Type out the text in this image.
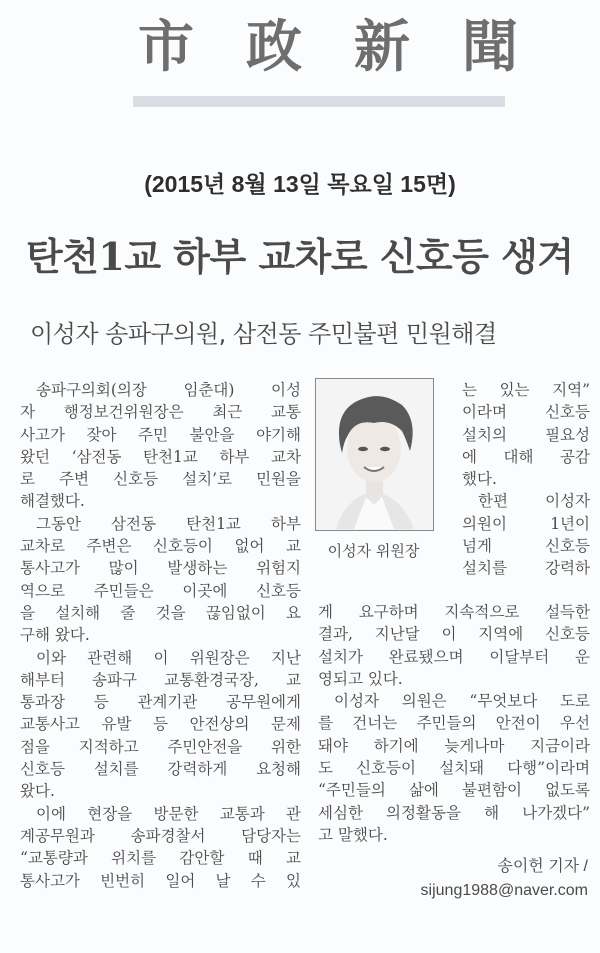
市 政 新 聞
(2015년 8월 13일 목요일 15면)
탄천1교 하부 교차로 신호등 생겨
이성자 송파구의원, 삼전동 주민불편 민원해결
송파구의회(의장 임춘대) 이성
자 행정보건위원장은 최근 교통
사고가 잦아 주민 불안을 야기해
왔던 ‘삼전동 탄천1교 하부 교차
로 주변 신호등 설치’로 민원을
해결했다.
그동안 삼전동 탄천1교 하부
교차로 주변은 신호등이 없어 교
통사고가 많이 발생하는 위험지
역으로 주민들은 이곳에 신호등
을 설치해 줄 것을 끊임없이 요
구해 왔다.
이와 관련해 이 위원장은 지난
해부터 송파구 교통환경국장, 교
통과장 등 관계기관 공무원에게
교통사고 유발 등 안전상의 문제
점을 지적하고 주민안전을 위한
신호등 설치를 강력하게 요청해
왔다.
이에 현장을 방문한 교통과 관
계공무원과 송파경찰서 담당자는
“교통량과 위치를 감안할 때 교
통사고가 빈번히 일어 날 수 있
이성자 위원장
는 있는 지역”
이라며 신호등
설치의 필요성
에 대해 공감
했다.
한편 이성자
의원이 1년이
넘게 신호등
설치를 강력하
게 요구하며 지속적으로 설득한
결과, 지난달 이 지역에 신호등
설치가 완료됐으며 이달부터 운
영되고 있다.
이성자 의원은 “무엇보다 도로
를 건너는 주민들의 안전이 우선
돼야 하기에 늦게나마 지금이라
도 신호등이 설치돼 다행”이라며
“주민들의 삶에 불편함이 없도록
세심한 의정활동을 해 나가겠다”
고 말했다.
송이헌 기자 /
sijung1988@naver.com
